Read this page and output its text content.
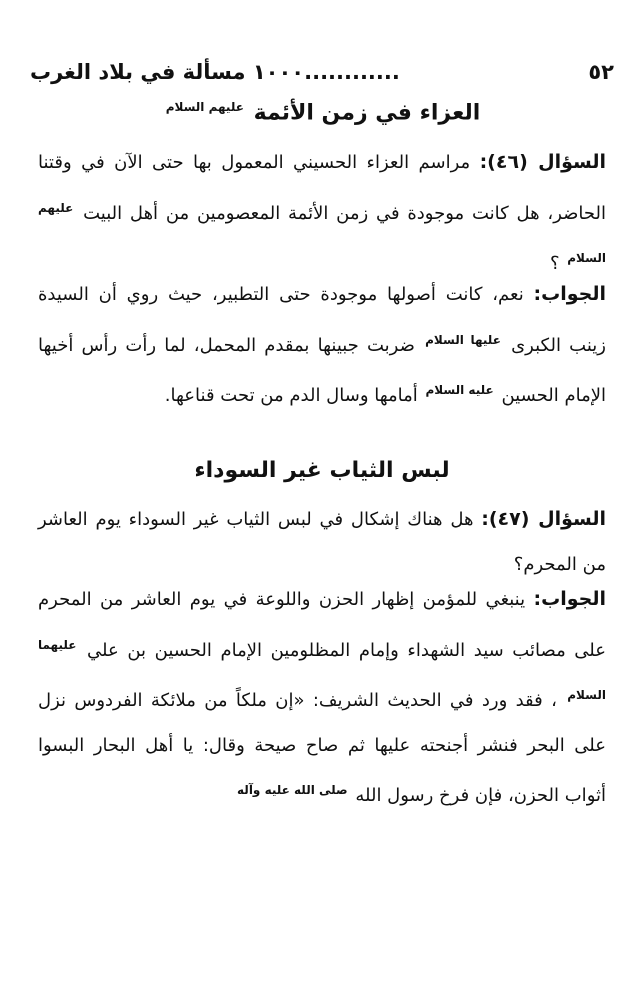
٥٢
............١٠٠٠ مسألة في بلاد الغرب
العزاء في زمن الأئمة $^{عليهم السلام}$
السؤال (٤٦): مراسم العزاء الحسيني المعمول بها حتى الآن في وقتنا الحاضر، هل كانت موجودة في زمن الأئمة المعصومين من أهل البيت $^{عليهم السلام}$ ؟
الجواب: نعم، كانت أصولها موجودة حتى التطبير، حيث روي أن السيدة زينب الكبرى $^{عليها السلام}$ ضربت جبينها بمقدم المحمل، لما رأت رأس أخيها الإمام الحسين $^{عليه السلام}$ أمامها وسال الدم من تحت قناعها.
لبس الثياب غير السوداء
السؤال (٤٧): هل هناك إشكال في لبس الثياب غير السوداء يوم العاشر من المحرم؟
الجواب: ينبغي للمؤمن إظهار الحزن واللوعة في يوم العاشر من المحرم على مصائب سيد الشهداء وإمام المظلومين الإمام الحسين بن علي $^{عليهما السلام}$ ، فقد ورد في الحديث الشريف: «إن ملكاً من ملائكة الفردوس نزل على البحر فنشر أجنحته عليها ثم صاح صيحة وقال: يا أهل البحار البسوا أثواب الحزن، فإن فرخ رسول الله $^{صلى الله عليه وآله}$
